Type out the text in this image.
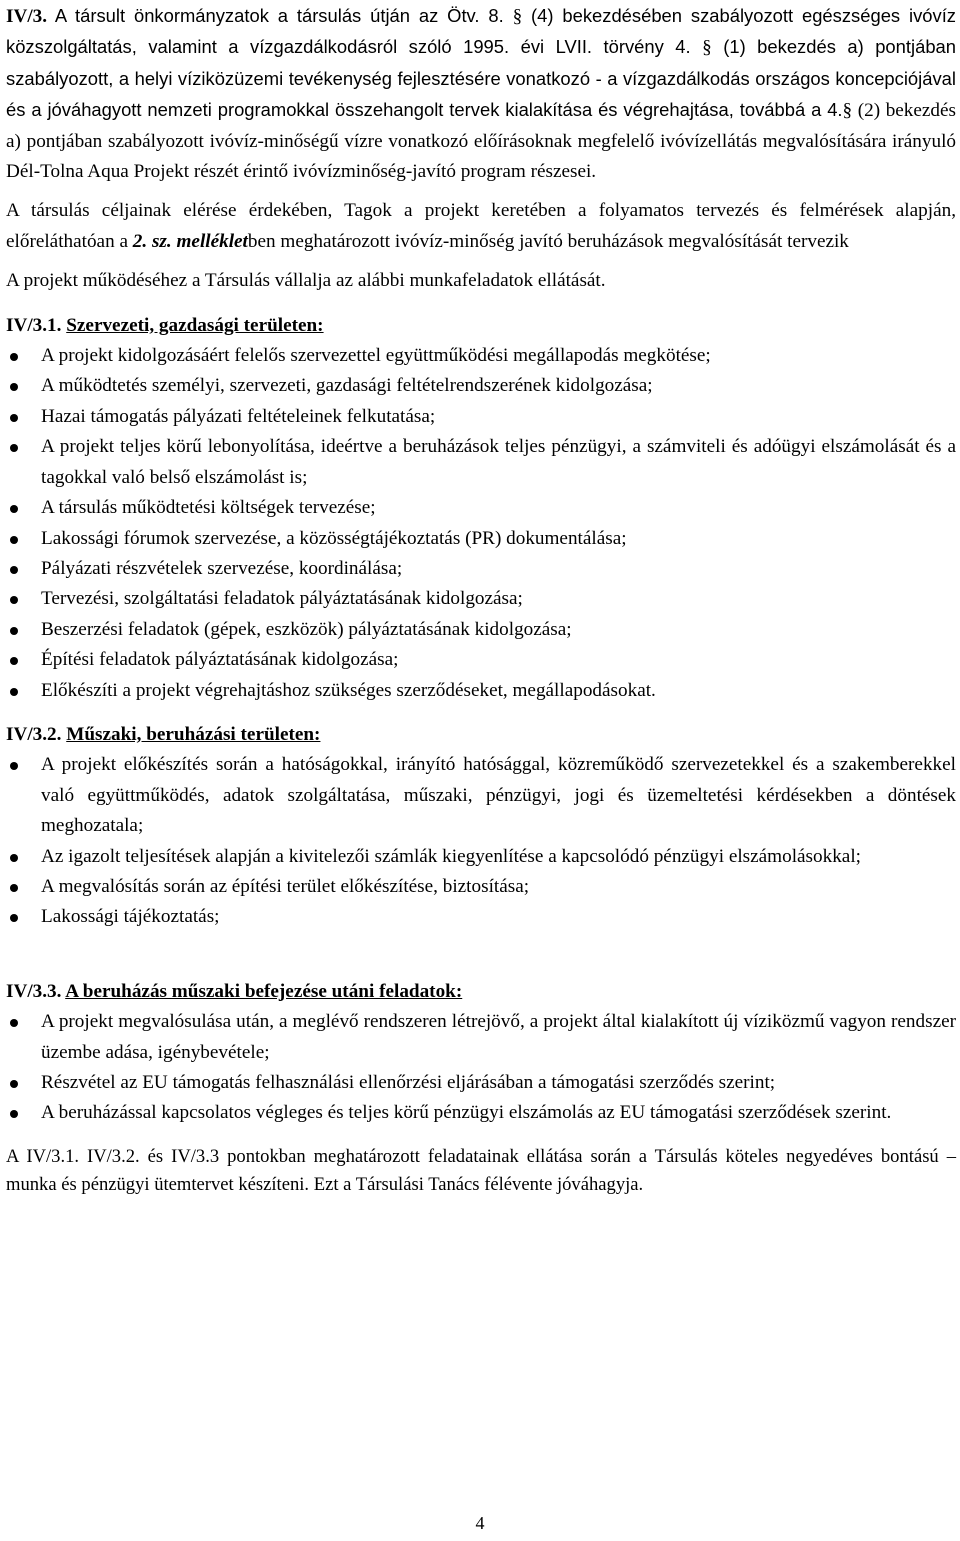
IV/3. A társult önkormányzatok a társulás útján az Ötv. 8. § (4) bekezdésében szabályozott egészséges ivóvíz közszolgáltatás, valamint a vízgazdálkodásról szóló 1995. évi LVII. törvény 4. § (1) bekezdés a) pontjában szabályozott, a helyi víziközüzemi tevékenység fejlesztésére vonatkozó - a vízgazdálkodás országos koncepciójával és a jóváhagyott nemzeti programokkal összehangolt tervek kialakítása és végrehajtása, továbbá a 4.§ (2) bekezdés a) pontjában szabályozott ivóvíz-minőségű vízre vonatkozó előírásoknak megfelelő ivóvízellátás megvalósítására irányuló Dél-Tolna Aqua Projekt részét érintő ivóvízminőség-javító program részesei.

A társulás céljainak elérése érdekében, Tagok a projekt keretében a folyamatos tervezés és felmérések alapján, előreláthatóan a 2. sz. mellékletben meghatározott ivóvíz-minőség javító beruházások megvalósítását tervezik

A projekt működéséhez a Társulás vállalja az alábbi munkafeladatok ellátását.

IV/3.1. Szervezeti, gazdasági területen:
A projekt kidolgozásáért felelős szervezettel együttműködési megállapodás megkötése;
A működtetés személyi, szervezeti, gazdasági feltételrendszerének kidolgozása;
Hazai támogatás pályázati feltételeinek felkutatása;
A projekt teljes körű lebonyolítása, ideértve a beruházások teljes pénzügyi, a számviteli és adóügyi elszámolását és a tagokkal való belső elszámolást is;
A társulás működtetési költségek tervezése;
Lakossági fórumok szervezése, a közösségtájékoztatás (PR) dokumentálása;
Pályázati részvételek szervezése, koordinálása;
Tervezési, szolgáltatási feladatok pályáztatásának kidolgozása;
Beszerzési feladatok (gépek, eszközök) pályáztatásának kidolgozása;
Építési feladatok pályáztatásának kidolgozása;
Előkészíti a projekt végrehajtáshoz szükséges szerződéseket, megállapodásokat.
IV/3.2. Műszaki, beruházási területen:
A projekt előkészítés során a hatóságokkal, irányító hatósággal, közreműködő szervezetekkel és a szakemberekkel való együttműködés, adatok szolgáltatása, műszaki, pénzügyi, jogi és üzemeltetési kérdésekben a döntések meghozatala;
Az igazolt teljesítések alapján a kivitelezői számlák kiegyenlítése a kapcsolódó pénzügyi elszámolásokkal;
A megvalósítás során az építési terület előkészítése, biztosítása;
Lakossági tájékoztatás;
IV/3.3. A beruházás műszaki befejezése utáni feladatok:
A projekt megvalósulása után, a meglévő rendszeren létrejövő, a projekt által kialakított új víziközmű vagyon rendszer üzembe adása, igénybevétele;
Részvétel az EU támogatás felhasználási ellenőrzési eljárásában a támogatási szerződés szerint;
A beruházással kapcsolatos végleges és teljes körű pénzügyi elszámolás az EU támogatási szerződések szerint.

A IV/3.1. IV/3.2. és IV/3.3 pontokban meghatározott feladatainak ellátása során a Társulás köteles negyedéves bontású – munka és pénzügyi ütemtervet készíteni. Ezt a Társulási Tanács félévente jóváhagyja.

4
